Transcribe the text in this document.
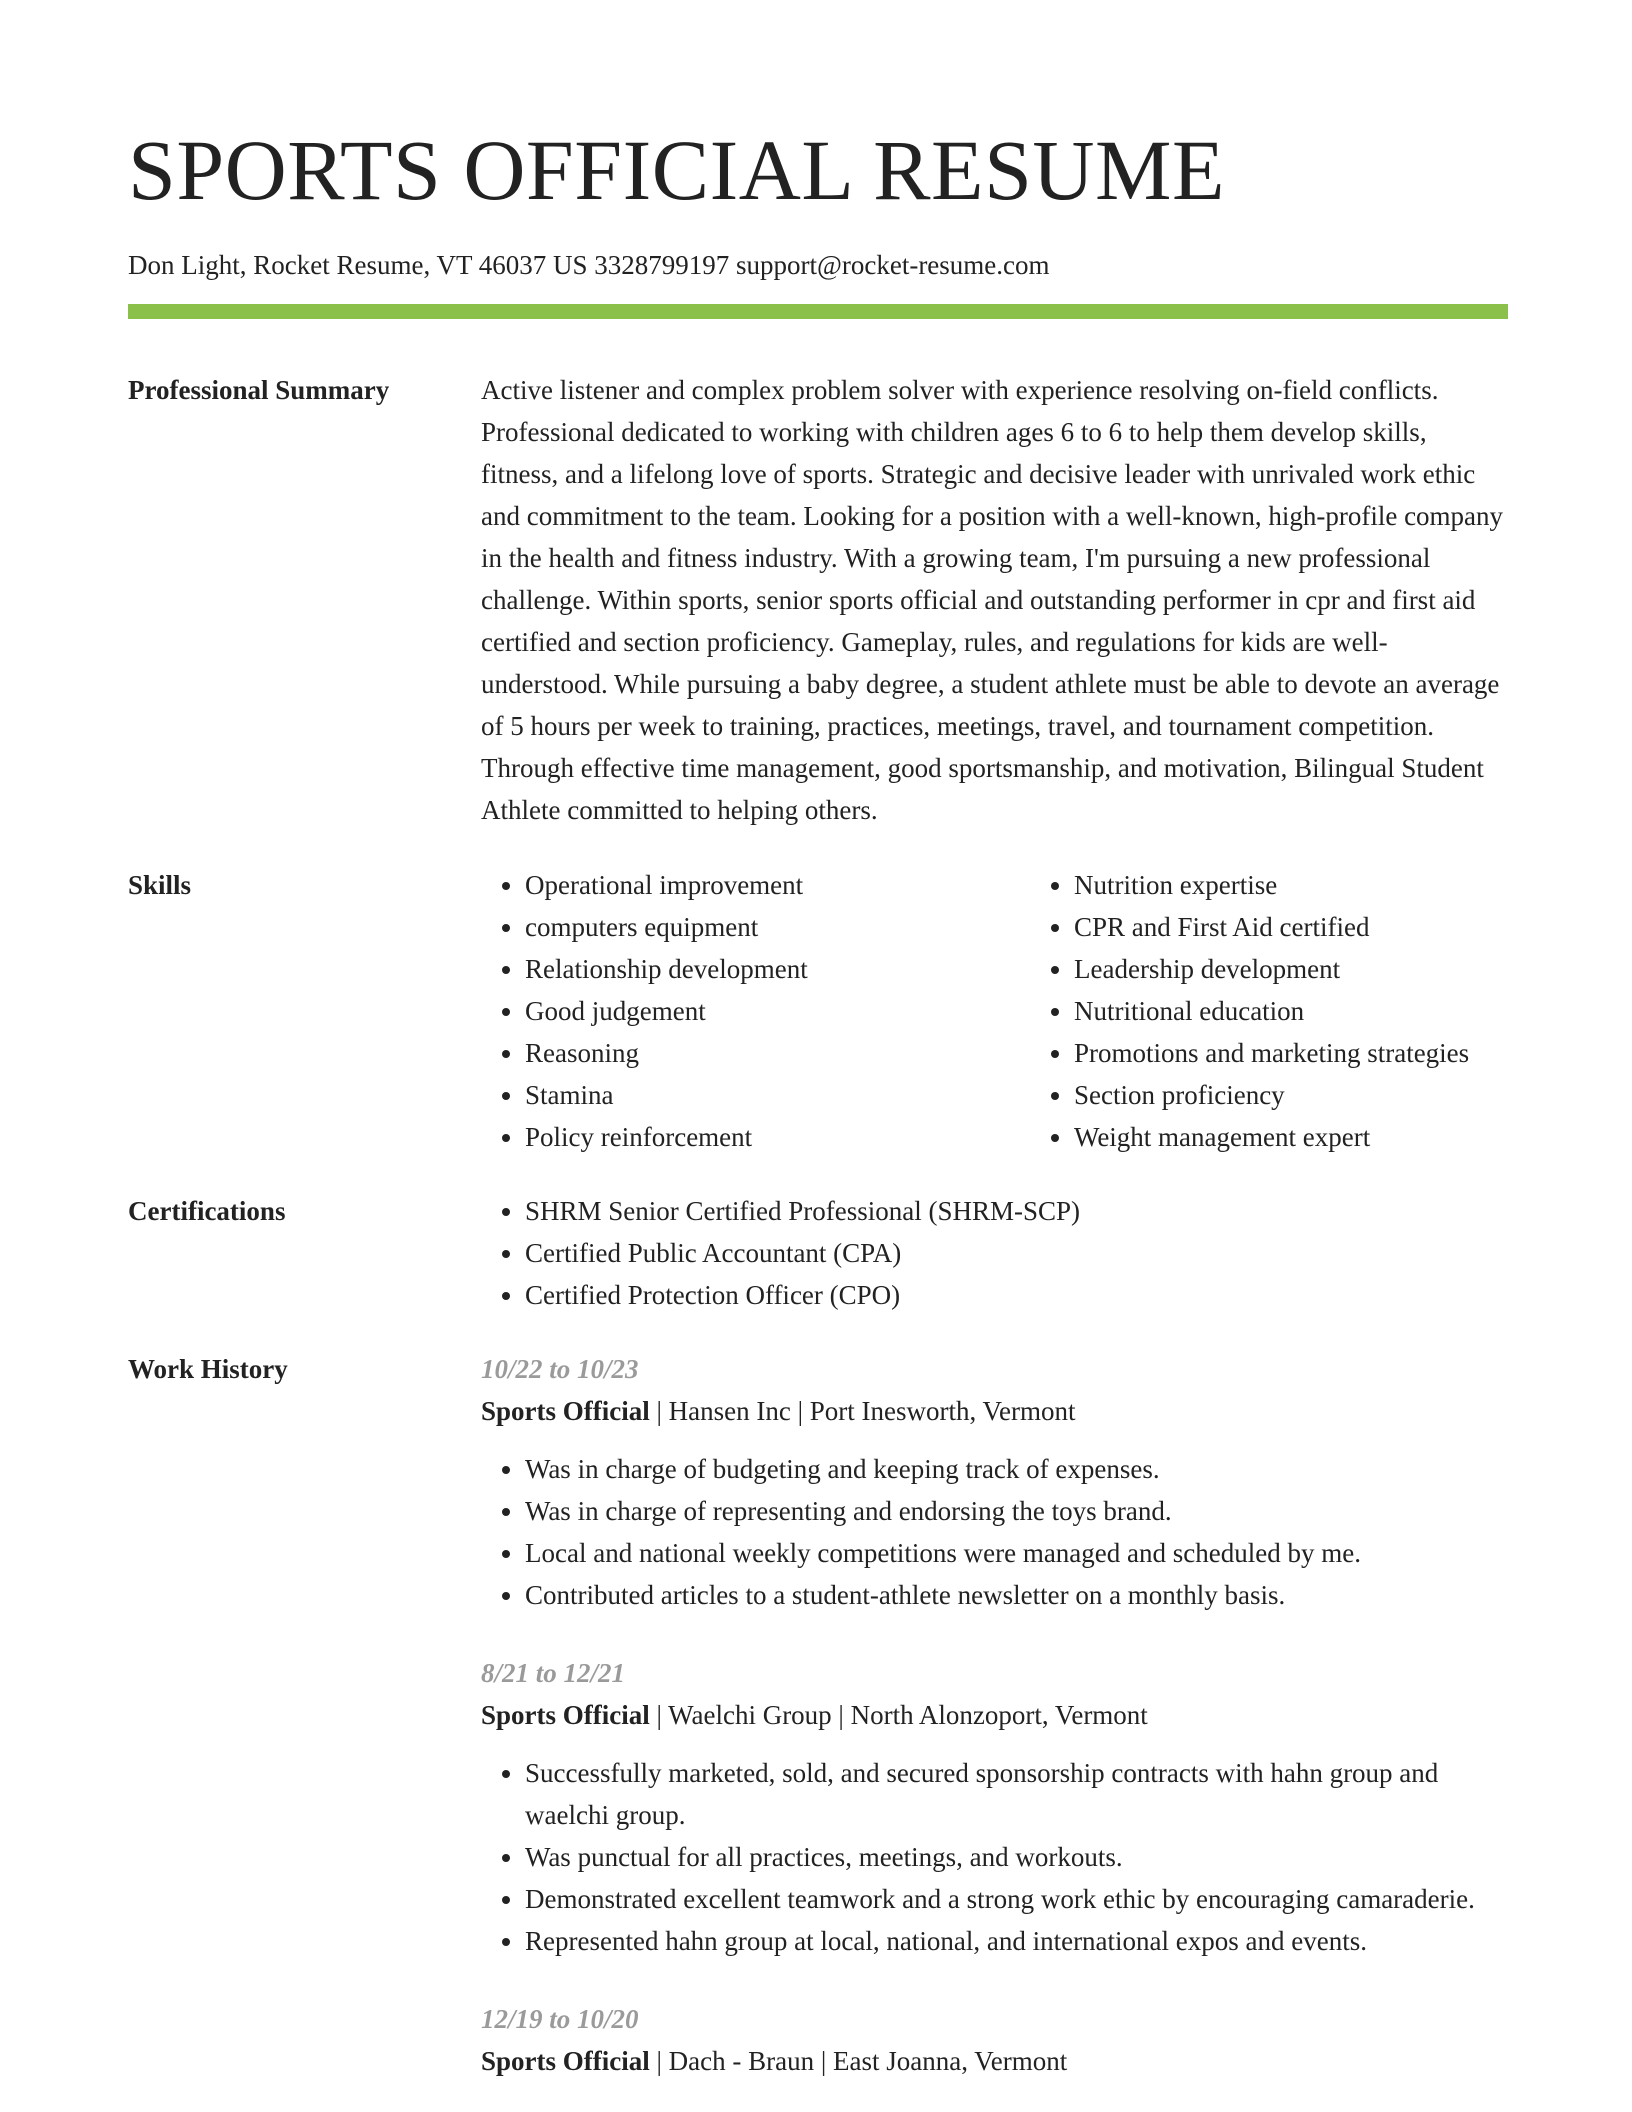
SPORTS OFFICIAL RESUME
Don Light, Rocket Resume, VT 46037 US 3328799197 support@rocket-resume.com
Professional Summary	Active listener and complex problem solver with experience resolving on-field conflicts. Professional dedicated to working with children ages 6 to 6 to help them develop skills, fitness, and a lifelong love of sports. Strategic and decisive leader with unrivaled work ethic and commitment to the team. Looking for a position with a well-known, high-profile company in the health and fitness industry. With a growing team, I'm pursuing a new professional challenge. Within sports, senior sports official and outstanding performer in cpr and first aid certified and section proficiency. Gameplay, rules, and regulations for kids are well-understood. While pursuing a baby degree, a student athlete must be able to devote an average of 5 hours per week to training, practices, meetings, travel, and tournament competition. Through effective time management, good sportsmanship, and motivation, Bilingual Student Athlete committed to helping others.
Skills	• Operational improvement
• computers equipment
• Relationship development
• Good judgement
• Reasoning
• Stamina
• Policy reinforcement
• Nutrition expertise
• CPR and First Aid certified
• Leadership development
• Nutritional education
• Promotions and marketing strategies
• Section proficiency
• Weight management expert
Certifications	• SHRM Senior Certified Professional (SHRM-SCP)
• Certified Public Accountant (CPA)
• Certified Protection Officer (CPO)
Work History	10/22 to 10/23
Sports Official | Hansen Inc | Port Inesworth, Vermont
• Was in charge of budgeting and keeping track of expenses.
• Was in charge of representing and endorsing the toys brand.
• Local and national weekly competitions were managed and scheduled by me.
• Contributed articles to a student-athlete newsletter on a monthly basis.
8/21 to 12/21
Sports Official | Waelchi Group | North Alonzoport, Vermont
• Successfully marketed, sold, and secured sponsorship contracts with hahn group and waelchi group.
• Was punctual for all practices, meetings, and workouts.
• Demonstrated excellent teamwork and a strong work ethic by encouraging camaraderie.
• Represented hahn group at local, national, and international expos and events.
12/19 to 10/20
Sports Official | Dach - Braun | East Joanna, Vermont
